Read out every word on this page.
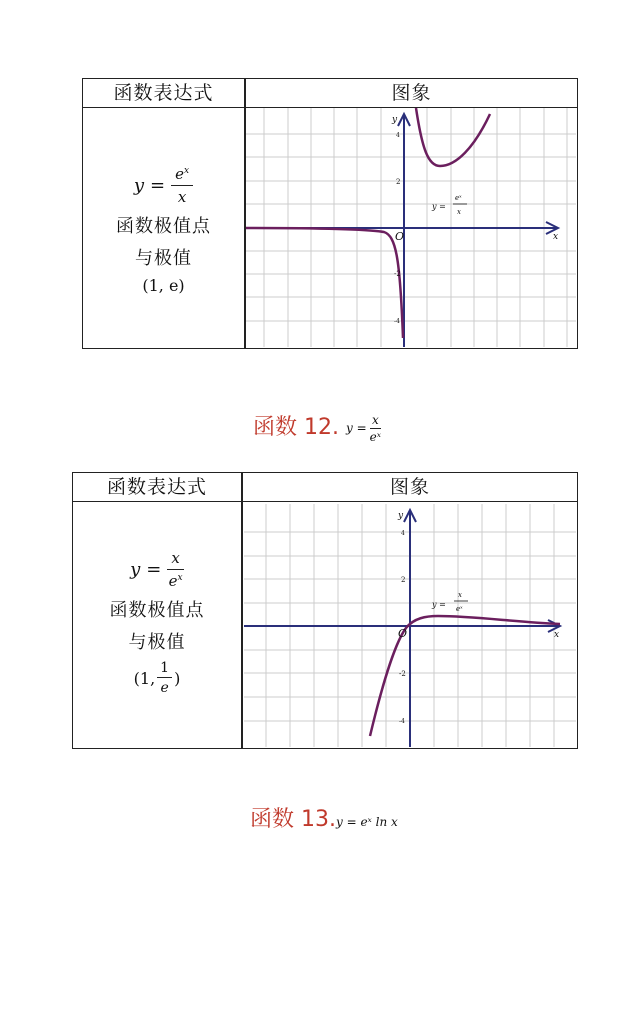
函数表达式	图象
$y = \frac{e^x}{x}$
函数极值点
与极值
(1, e)
y
x
O
4
2
-2
-4
y =
eˣ
x
函数 12. $y = \frac{x}{\text{eˣ}}$
函数表达式	图象
$y = \frac{x}{e^x}$
函数极值点
与极值
(1, $\frac{1}{e}$ )
y
x
O
4
2
-2
-4
y =
x
eˣ
函数 13.y = eˣ ln x
